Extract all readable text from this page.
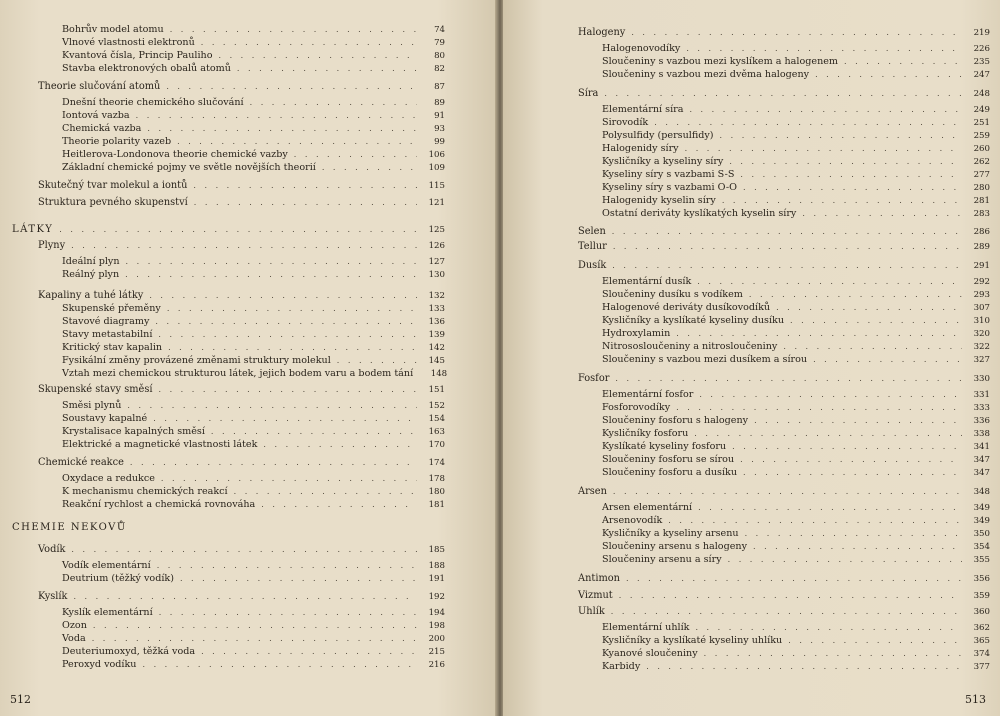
Bohrův model atomu . . .	74
Vlnové vlastnosti elektronů . . .	79
Kvantová čísla, Princip Pauliho . . .	80
Stavba elektronových obalů atomů . . .	82
Theorie slučování atomů . . .	87
Dnešní theorie chemického slučování . . .	89
Iontová vazba . . .	91
Chemická vazba . . .	93
Theorie polarity vazeb . . .	99
Heitlerova-Londonova theorie chemické vazby . . .	106
Základní chemické pojmy ve světle novějších theorií . . .	109
Skutečný tvar molekul a iontů . . .	115
Struktura pevného skupenství . . .	121
LÁTKY . . .	125
Plyny . . .	126
Ideální plyn . . .	127
Reálný plyn . . .	130
Kapaliny a tuhé látky . . .	132
Skupenské přeměny . . .	133
Stavové diagramy . . .	136
Stavy metastabilní . . .	139
Kritický stav kapalin . . .	142
Fysikální změny provázené změnami struktury molekul . . .	145
Vztah mezi chemickou strukturou látek, jejich bodem varu a bodem tání	148
Skupenské stavy směsí . . .	151
Směsi plynů . . .	152
Soustavy kapalné . . .	154
Krystalisace kapalných směsí . . .	163
Elektrické a magnetické vlastnosti látek . . .	170
Chemické reakce . . .	174
Oxydace a redukce . . .	178
K mechanismu chemických reakcí . . .	180
Reakční rychlost a chemická rovnováha . . .	181
CHEMIE NEKOVŮ
Vodík . . .	185
Vodík elementární . . .	188
Deutrium (těžký vodík) . . .	191
Kyslík . . .	192
Kyslík elementární . . .	194
Ozon . . .	198
Voda . . .	200
Deuteriumoxyd, těžká voda . . .	215
Peroxyd vodíku . . .	216
512
Halogeny . . .	219
Halogenovodíky . . .	226
Sloučeniny s vazbou mezi kyslíkem a halogenem . . .	235
Sloučeniny s vazbou mezi dvěma halogeny . . .	247
Síra . . .	248
Elementární síra . . .	249
Sirovodík . . .	251
Polysulfidy (persulfidy) . . .	259
Halogenidy síry . . .	260
Kysličníky a kyseliny síry . . .	262
Kyseliny síry s vazbami S-S . . .	277
Kyseliny síry s vazbami O-O . . .	280
Halogenidy kyselin síry . . .	281
Ostatní deriváty kyslíkatých kyselin síry . . .	283
Selen . . .	286
Tellur . . .	289
Dusík . . .	291
Elementární dusík . . .	292
Sloučeniny dusíku s vodíkem . . .	293
Halogenové deriváty dusíkovodíků . . .	307
Kysličníky a kyslíkaté kyseliny dusíku . . .	310
Hydroxylamin . . .	320
Nitrososloučeniny a nitrosloučeniny . . .	322
Sloučeniny s vazbou mezi dusíkem a sírou . . .	327
Fosfor . . .	330
Elementární fosfor . . .	331
Fosforovodíky . . .	333
Sloučeniny fosforu s halogeny . . .	336
Kysličníky fosforu . . .	338
Kyslíkaté kyseliny fosforu . . .	341
Sloučeniny fosforu se sírou . . .	347
Sloučeniny fosforu a dusíku . . .	347
Arsen . . .	348
Arsen elementární . . .	349
Arsenovodík . . .	349
Kysličníky a kyseliny arsenu . . .	350
Sloučeniny arsenu s halogeny . . .	354
Sloučeniny arsenu a síry . . .	355
Antimon . . .	356
Vizmut . . .	359
Uhlík . . .	360
Elementární uhlík . . .	362
Kysličníky a kyslíkaté kyseliny uhlíku . . .	365
Kyanové sloučeniny . . .	374
Karbidy . . .	377
513
